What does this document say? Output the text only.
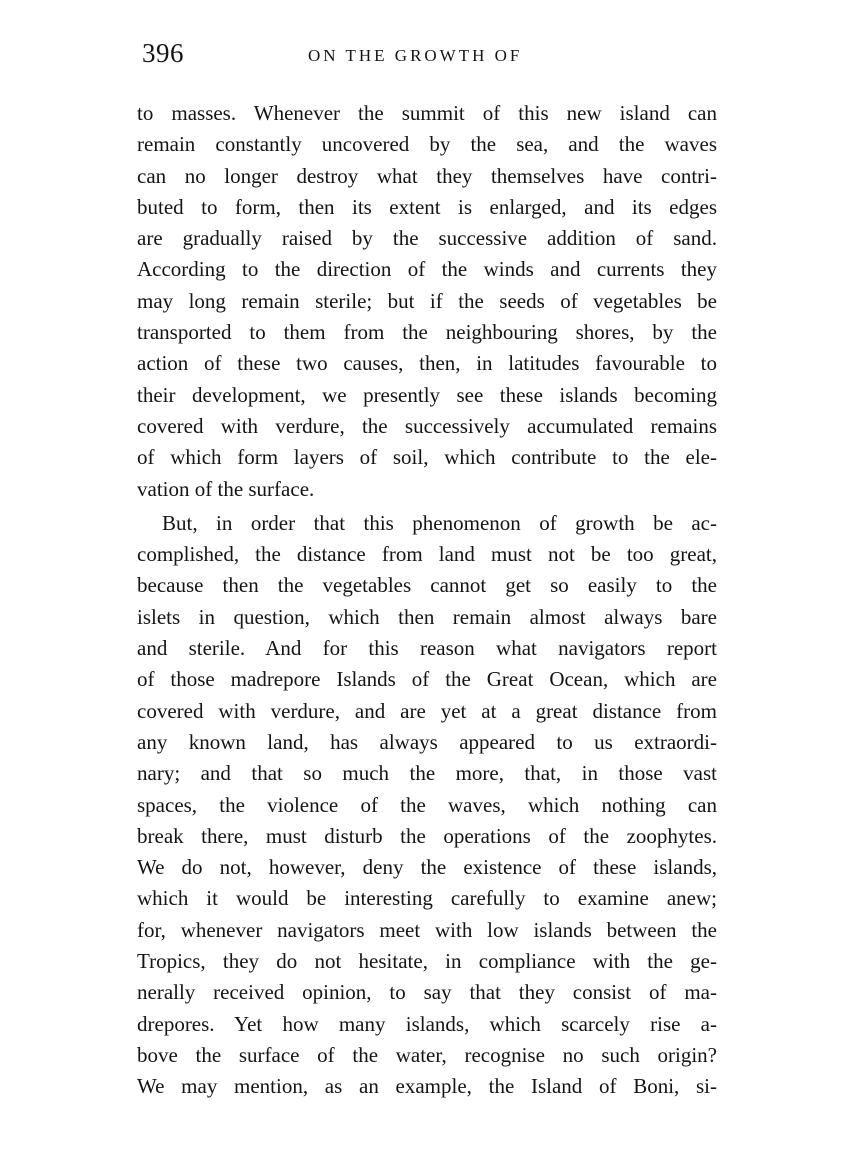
396	ON THE GROWTH OF
to masses. Whenever the summit of this new island can
remain constantly uncovered by the sea, and the waves
can no longer destroy what they themselves have contri-
buted to form, then its extent is enlarged, and its edges
are gradually raised by the successive addition of sand.
According to the direction of the winds and currents they
may long remain sterile; but if the seeds of vegetables be
transported to them from the neighbouring shores, by the
action of these two causes, then, in latitudes favourable to
their development, we presently see these islands becoming
covered with verdure, the successively accumulated remains
of which form layers of soil, which contribute to the ele-
vation of the surface.
But, in order that this phenomenon of growth be ac-
complished, the distance from land must not be too great,
because then the vegetables cannot get so easily to the
islets in question, which then remain almost always bare
and sterile. And for this reason what navigators report
of those madrepore Islands of the Great Ocean, which are
covered with verdure, and are yet at a great distance from
any known land, has always appeared to us extraordi-
nary; and that so much the more, that, in those vast
spaces, the violence of the waves, which nothing can
break there, must disturb the operations of the zoophytes.
We do not, however, deny the existence of these islands,
which it would be interesting carefully to examine anew;
for, whenever navigators meet with low islands between the
Tropics, they do not hesitate, in compliance with the ge-
nerally received opinion, to say that they consist of ma-
drepores. Yet how many islands, which scarcely rise a-
bove the surface of the water, recognise no such origin?
We may mention, as an example, the Island of Boni, si-
